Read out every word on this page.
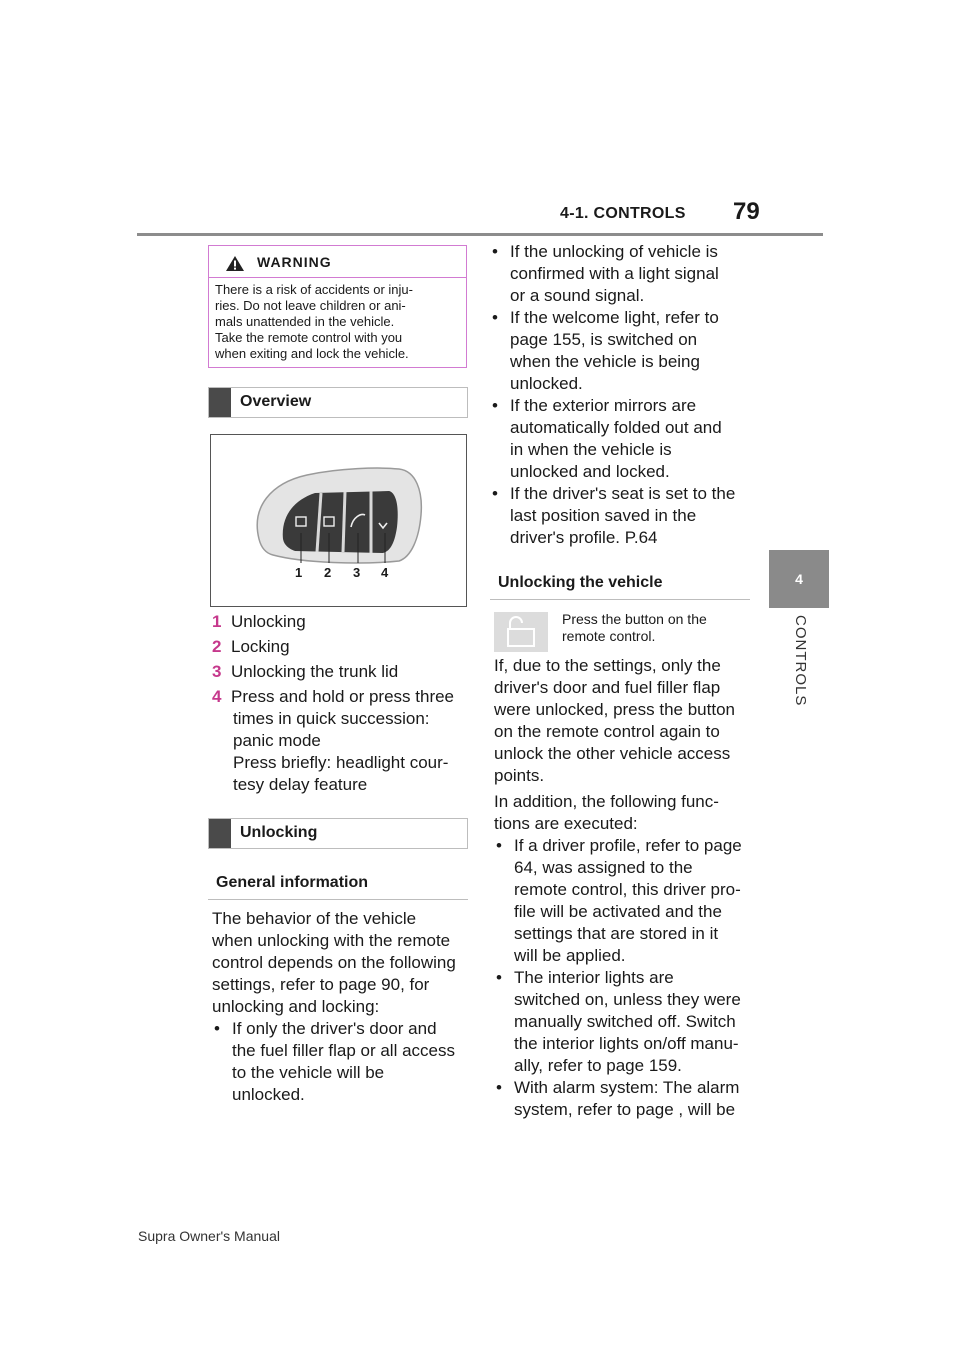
4-1. CONTROLS 79
4
CONTROLS
WARNING
There is a risk of accidents or inju-
ries. Do not leave children or ani-
mals unattended in the vehicle.
Take the remote control with you
when exiting and lock the vehicle.
Overview
1 2 3 4
1 Unlocking
2 Locking
3 Unlocking the trunk lid
4 Press and hold or press three
times in quick succession:
panic mode
Press briefly: headlight cour-
tesy delay feature
Unlocking
General information
The behavior of the vehicle
when unlocking with the remote
control depends on the following
settings, refer to page 90, for
unlocking and locking:
• If only the driver's door and
the fuel filler flap or all access
to the vehicle will be
unlocked.
• If the unlocking of vehicle is
confirmed with a light signal
or a sound signal.
• If the welcome light, refer to
page 155, is switched on
when the vehicle is being
unlocked.
• If the exterior mirrors are
automatically folded out and
in when the vehicle is
unlocked and locked.
• If the driver's seat is set to the
last position saved in the
driver's profile. P.64
Unlocking the vehicle
Press the button on the
remote control.
If, due to the settings, only the
driver's door and fuel filler flap
were unlocked, press the button
on the remote control again to
unlock the other vehicle access
points.
In addition, the following func-
tions are executed:
• If a driver profile, refer to page
64, was assigned to the
remote control, this driver pro-
file will be activated and the
settings that are stored in it
will be applied.
• The interior lights are
switched on, unless they were
manually switched off. Switch
the interior lights on/off manu-
ally, refer to page 159.
• With alarm system: The alarm
system, refer to page , will be
Supra Owner's Manual
